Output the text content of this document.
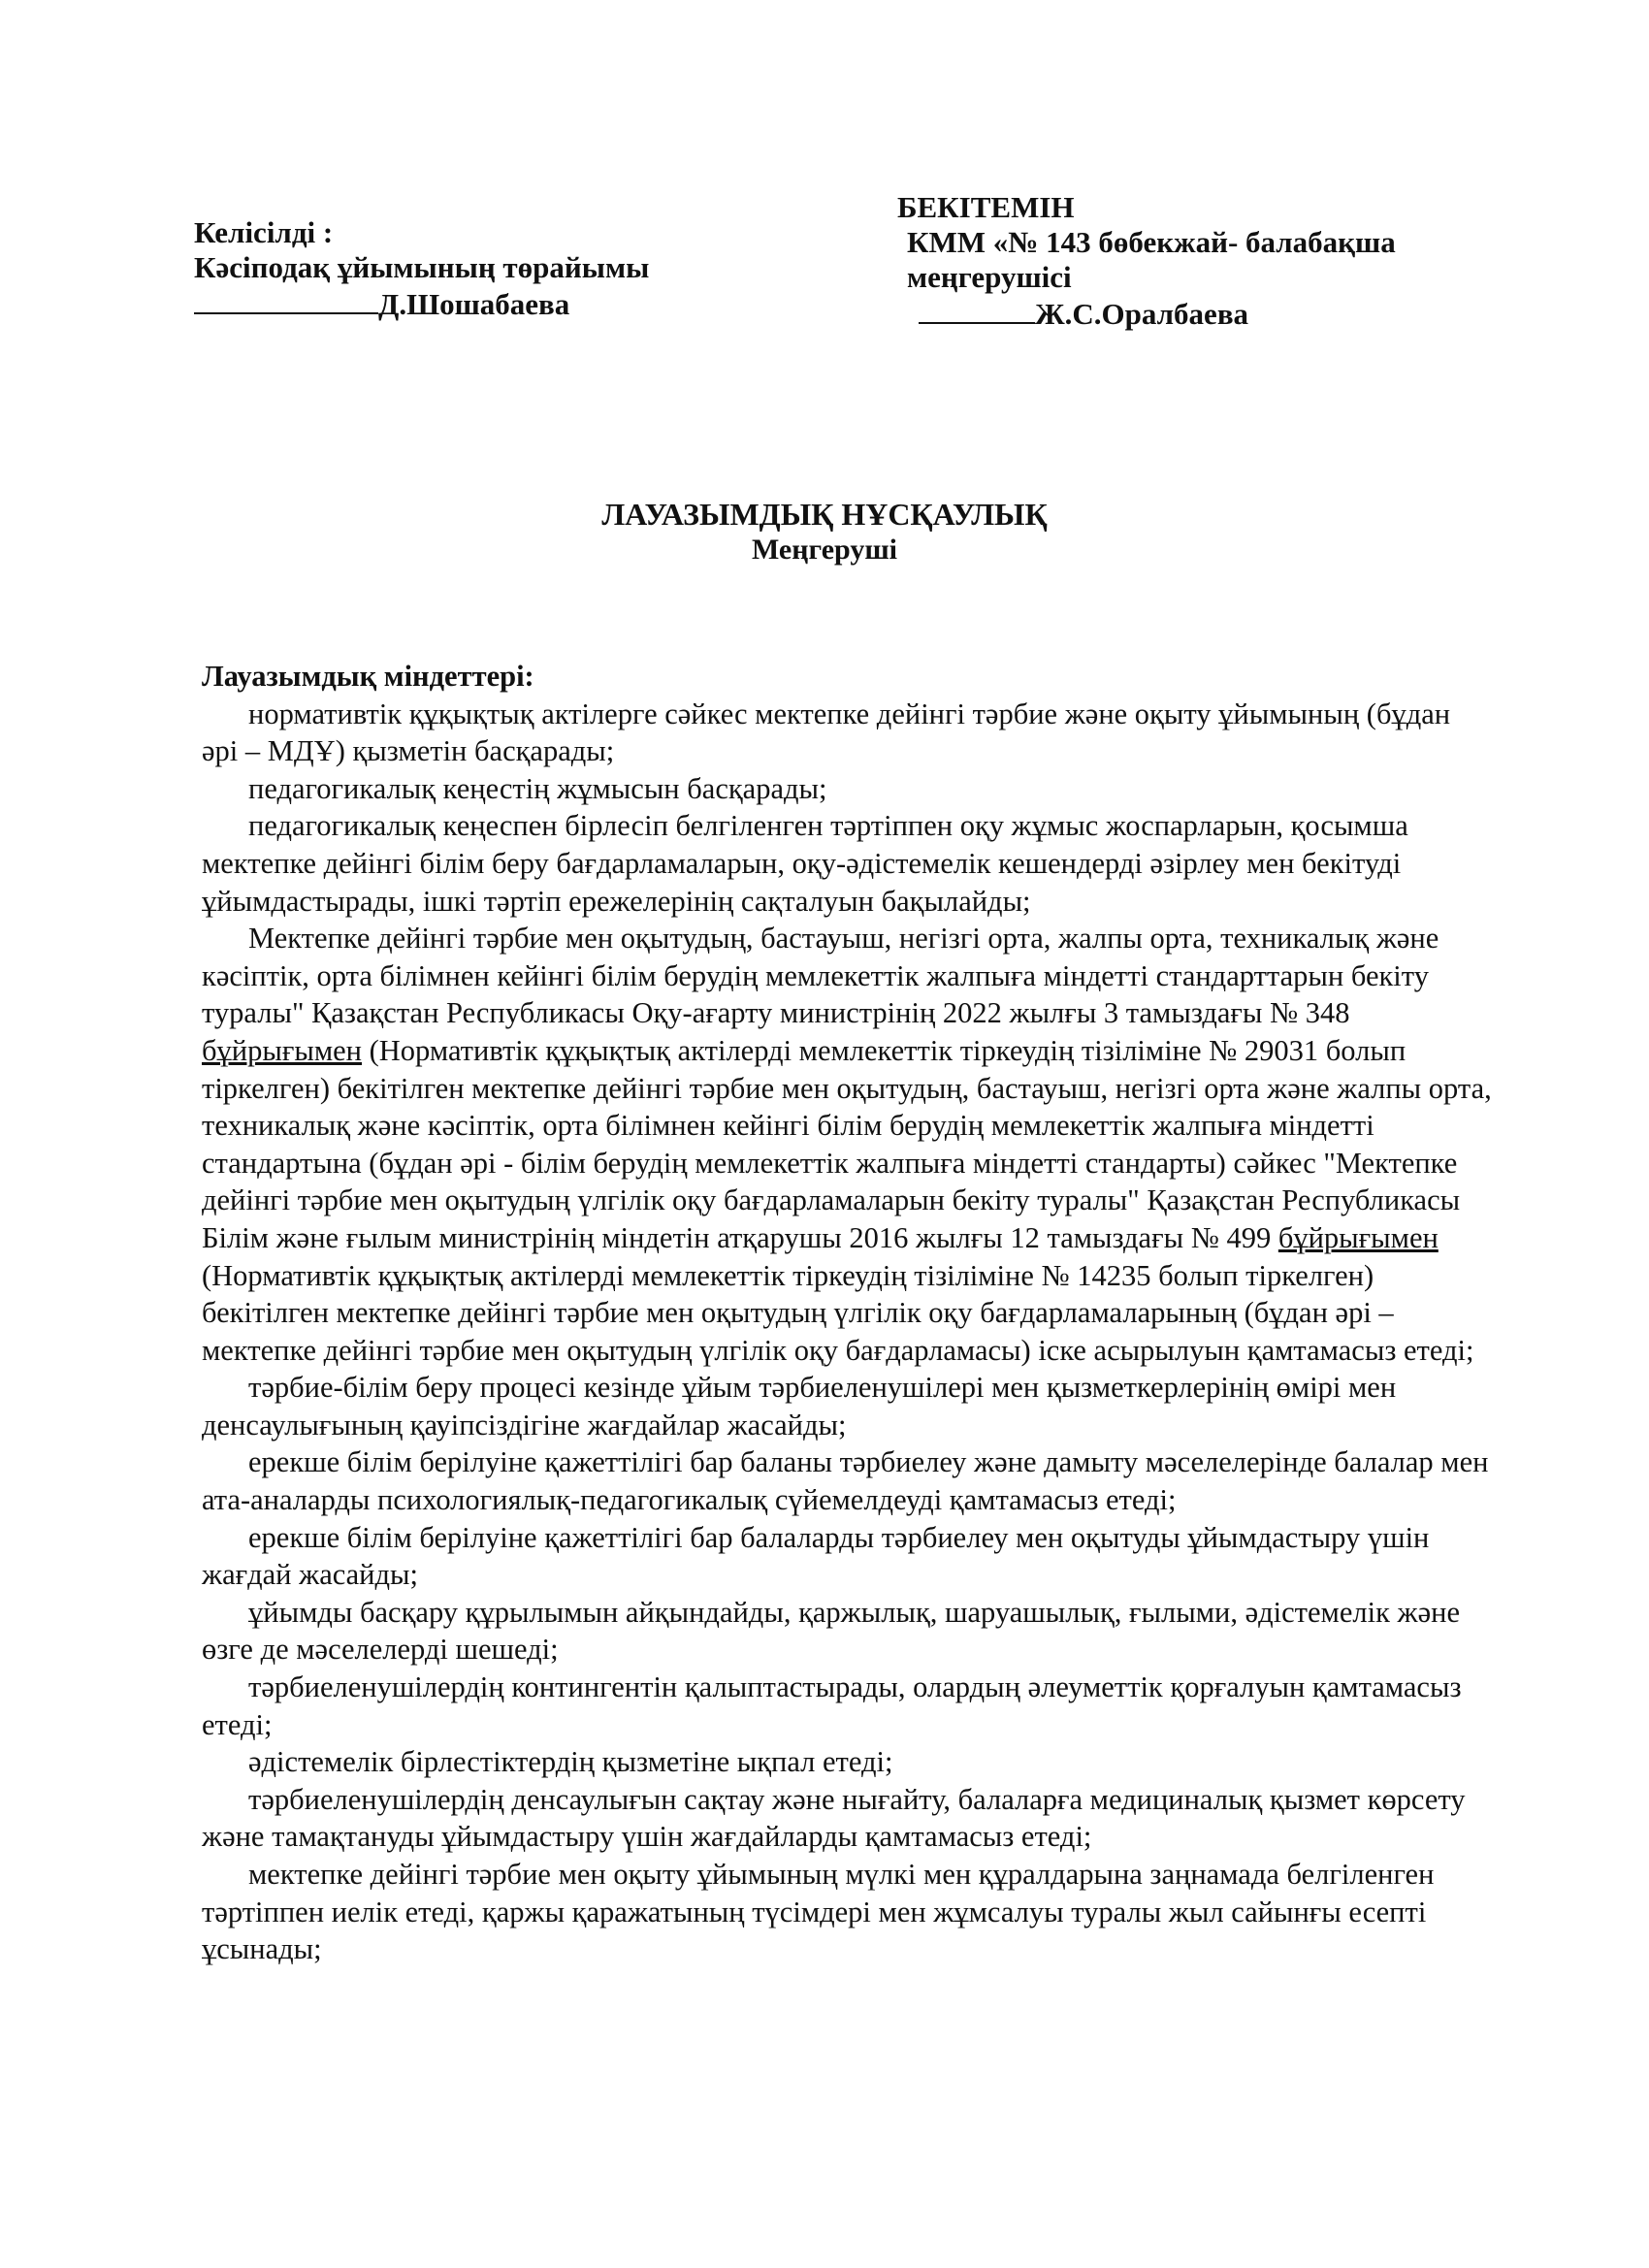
Келісілді :
Кәсіподақ ұйымының төрайымы
Д.Шошабаева
БЕКІТЕМІН
КММ «№ 143 бөбекжай- балабақша
меңгерушісі
Ж.С.Оралбаева
ЛАУАЗЫМДЫҚ НҰСҚАУЛЫҚ
Меңгеруші

Лауазымдық міндеттері:

нормативтік құқықтық актілерге сәйкес мектепке дейінгі тәрбие және оқыту ұйымының (бұдан әрі – МДҰ) қызметін басқарады;

педагогикалық кеңестің жұмысын басқарады;

педагогикалық кеңеспен бірлесіп белгіленген тәртіппен оқу жұмыс жоспарларын, қосымша мектепке дейінгі білім беру бағдарламаларын, оқу-әдістемелік кешендерді әзірлеу мен бекітуді ұйымдастырады, ішкі тәртіп ережелерінің сақталуын бақылайды;

Мектепке дейінгі тәрбие мен оқытудың, бастауыш, негізгі орта, жалпы орта, техникалық және кәсіптік, орта білімнен кейінгі білім берудің мемлекеттік жалпыға міндетті стандарттарын бекіту туралы" Қазақстан Республикасы Оқу-ағарту министрінің 2022 жылғы 3 тамыздағы № 348 бұйрығымен (Нормативтік құқықтық актілерді мемлекеттік тіркеудің тізіліміне № 29031 болып тіркелген) бекітілген мектепке дейінгі тәрбие мен оқытудың, бастауыш, негізгі орта және жалпы орта, техникалық және кәсіптік, орта білімнен кейінгі білім берудің мемлекеттік жалпыға міндетті стандартына (бұдан әрі - білім берудің мемлекеттік жалпыға міндетті стандарты) сәйкес "Мектепке дейінгі тәрбие мен оқытудың үлгілік оқу бағдарламаларын бекіту туралы" Қазақстан Республикасы Білім және ғылым министрінің міндетін атқарушы 2016 жылғы 12 тамыздағы № 499 бұйрығымен (Нормативтік құқықтық актілерді мемлекеттік тіркеудің тізіліміне № 14235 болып тіркелген) бекітілген мектепке дейінгі тәрбие мен оқытудың үлгілік оқу бағдарламаларының (бұдан әрі – мектепке дейінгі тәрбие мен оқытудың үлгілік оқу бағдарламасы) іске асырылуын қамтамасыз етеді;

тәрбие-білім беру процесі кезінде ұйым тәрбиеленушілері мен қызметкерлерінің өмірі мен денсаулығының қауіпсіздігіне жағдайлар жасайды;

ерекше білім берілуіне қажеттілігі бар баланы тәрбиелеу және дамыту мәселелерінде балалар мен ата-аналарды психологиялық-педагогикалық сүйемелдеуді қамтамасыз етеді;

ерекше білім берілуіне қажеттілігі бар балаларды тәрбиелеу мен оқытуды ұйымдастыру үшін жағдай жасайды;

ұйымды басқару құрылымын айқындайды, қаржылық, шаруашылық, ғылыми, әдістемелік және өзге де мәселелерді шешеді;

тәрбиеленушілердің контингентін қалыптастырады, олардың әлеуметтік қорғалуын қамтамасыз етеді;

әдістемелік бірлестіктердің қызметіне ықпал етеді;

тәрбиеленушілердің денсаулығын сақтау және нығайту, балаларға медициналық қызмет көрсету және тамақтануды ұйымдастыру үшін жағдайларды қамтамасыз етеді;

мектепке дейінгі тәрбие мен оқыту ұйымының мүлкі мен құралдарына заңнамада белгіленген тәртіппен иелік етеді, қаржы қаражатының түсімдері мен жұмсалуы туралы жыл сайынғы есепті ұсынады;
